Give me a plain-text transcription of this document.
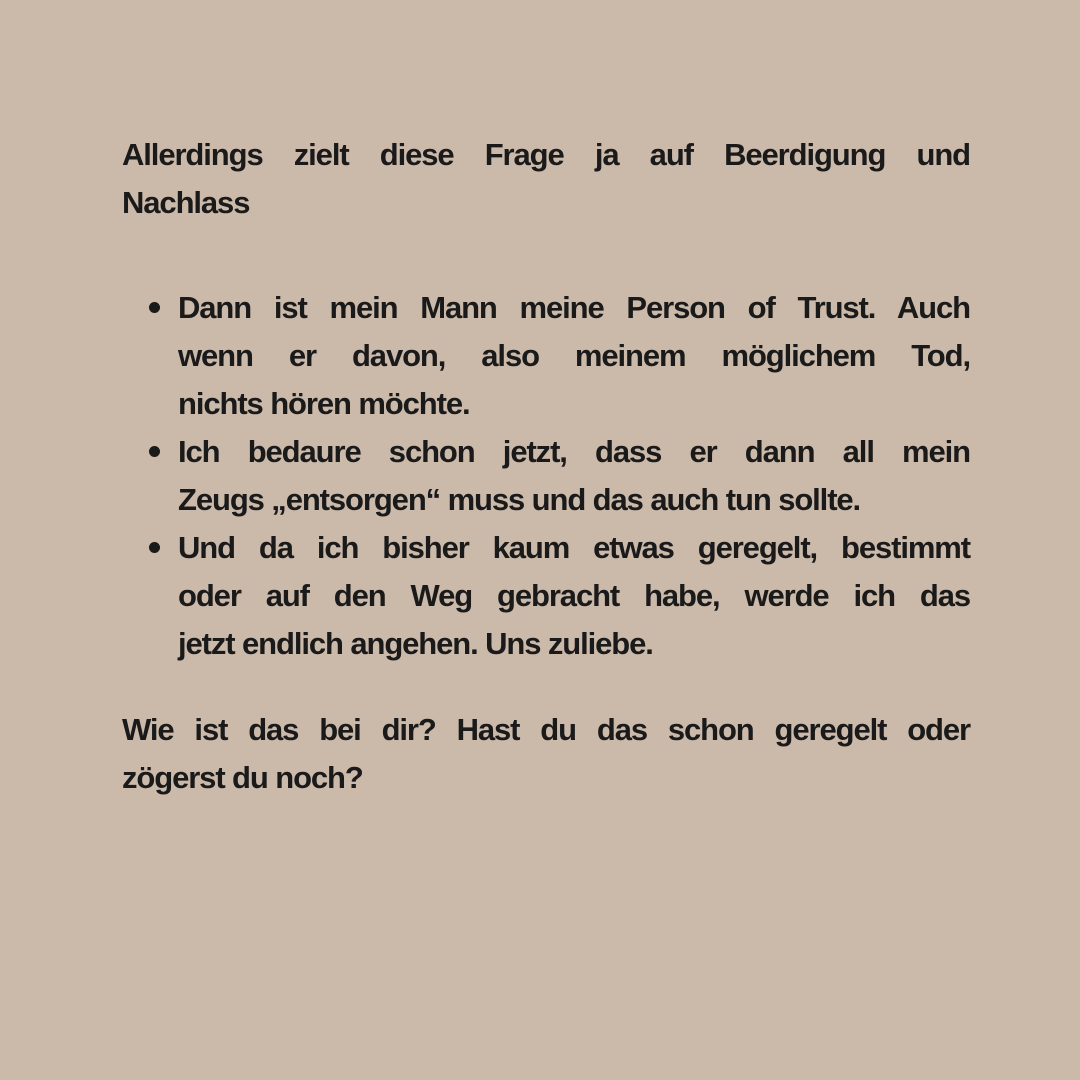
Allerdings zielt diese Frage ja auf Beerdigung und
Nachlass

Dann ist mein Mann meine Person of Trust. Auch
wenn er davon, also meinem möglichem Tod,
nichts hören möchte.
Ich bedaure schon jetzt, dass er dann all mein
Zeugs „entsorgen“ muss und das auch tun sollte.
Und da ich bisher kaum etwas geregelt, bestimmt
oder auf den Weg gebracht habe, werde ich das
jetzt endlich angehen. Uns zuliebe.

Wie ist das bei dir? Hast du das schon geregelt oder
zögerst du noch?
